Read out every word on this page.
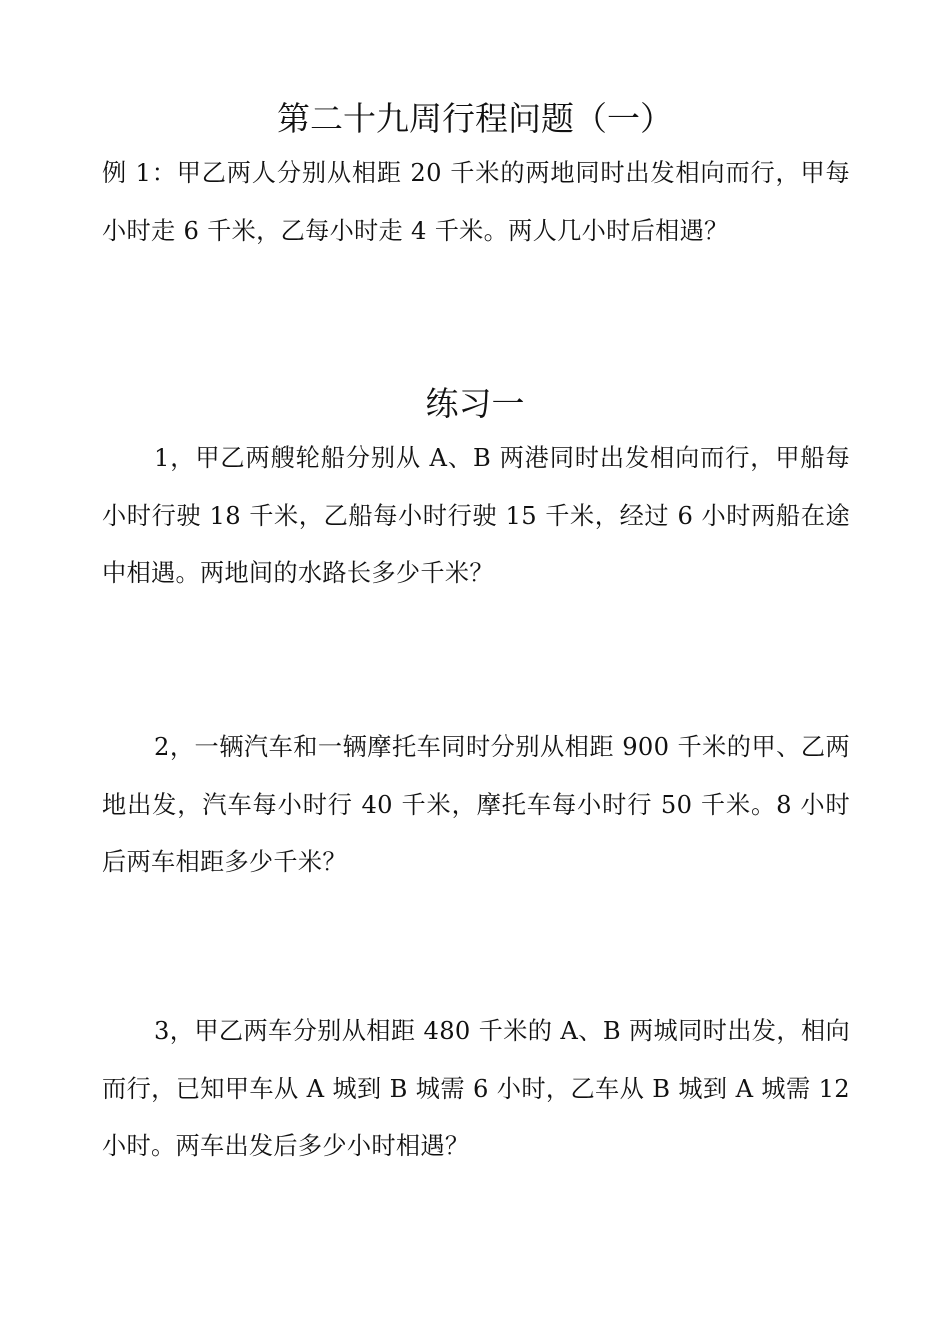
第二十九周行程问题（一）

例 1：甲乙两人分别从相距 20 千米的两地同时出发相向而行，甲每小时走 6 千米，乙每小时走 4 千米。两人几小时后相遇？

练习一

1，甲乙两艘轮船分别从 A、B 两港同时出发相向而行，甲船每小时行驶 18 千米，乙船每小时行驶 15 千米，经过 6 小时两船在途中相遇。两地间的水路长多少千米？

2，一辆汽车和一辆摩托车同时分别从相距 900 千米的甲、乙两地出发，汽车每小时行 40 千米，摩托车每小时行 50 千米。8 小时后两车相距多少千米？

3，甲乙两车分别从相距 480 千米的 A、B 两城同时出发，相向而行，已知甲车从 A 城到 B 城需 6 小时，乙车从 B 城到 A 城需 12 小时。两车出发后多少小时相遇？
